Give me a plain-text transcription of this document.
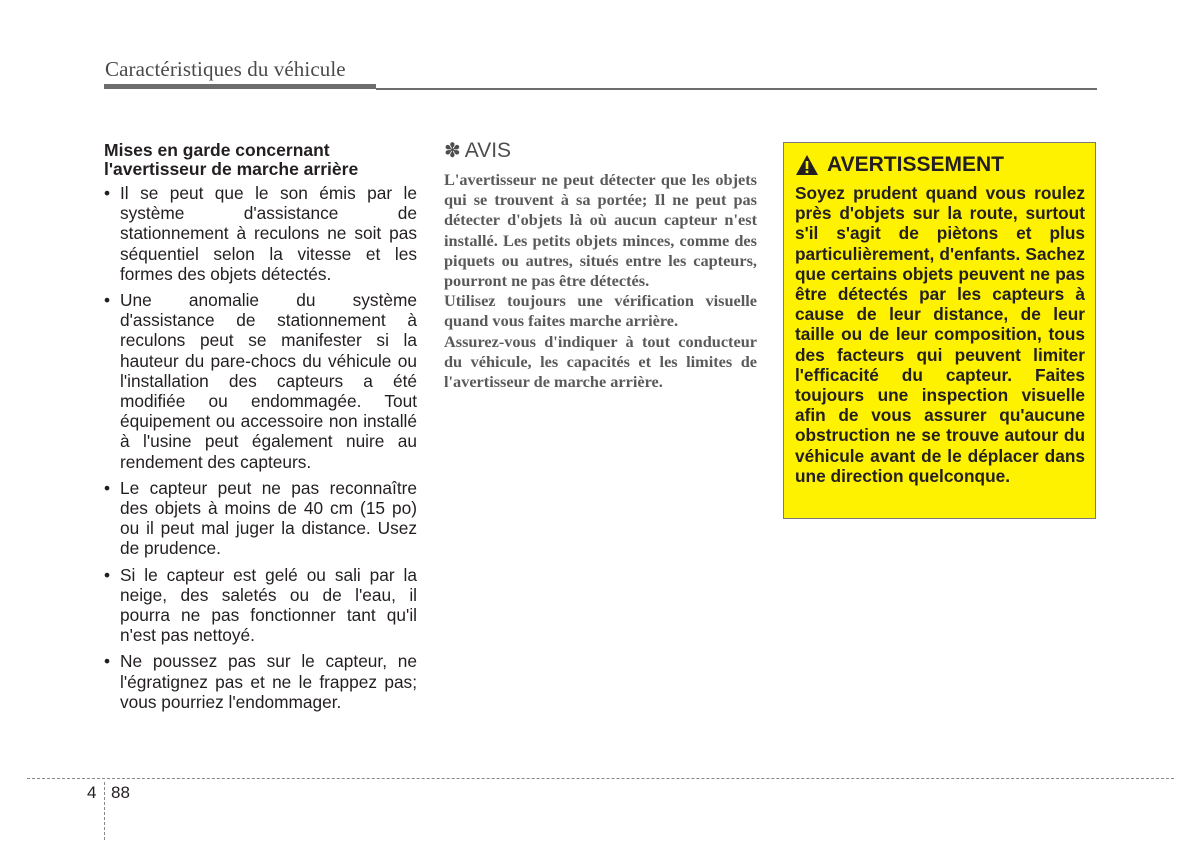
Caractéristiques du véhicule
Mises en garde concernant l'avertisseur de marche arrière
• Il se peut que le son émis par le système d'assistance de stationnement à reculons ne soit pas séquentiel selon la vitesse et les formes des objets détectés.
• Une anomalie du système d'assistance de stationnement à reculons peut se manifester si la hauteur du pare-chocs du véhicule ou l'installation des capteurs a été modifiée ou endommagée. Tout équipement ou accessoire non installé à l'usine peut également nuire au rendement des capteurs.
• Le capteur peut ne pas reconnaître des objets à moins de 40 cm (15 po) ou il peut mal juger la distance. Usez de prudence.
• Si le capteur est gelé ou sali par la neige, des saletés ou de l'eau, il pourra ne pas fonctionner tant qu'il n'est pas nettoyé.
• Ne poussez pas sur le capteur, ne l'égratignez pas et ne le frappez pas; vous pourriez l'endommager.
✽ AVIS

L'avertisseur ne peut détecter que les objets qui se trouvent à sa portée; Il ne peut pas détecter d'objets là où aucun capteur n'est installé. Les petits objets minces, comme des piquets ou autres, situés entre les capteurs, pourront ne pas être détectés.

Utilisez toujours une vérification visuelle quand vous faites marche arrière.

Assurez-vous d'indiquer à tout conducteur du véhicule, les capacités et les limites de l'avertisseur de marche arrière.

AVERTISSEMENT
Soyez prudent quand vous roulez près d'objets sur la route, surtout s'il s'agit de piètons et plus particulièrement, d'enfants. Sachez que certains objets peuvent ne pas être détectés par les capteurs à cause de leur distance, de leur taille ou de leur composition, tous des facteurs qui peuvent limiter l'efficacité du capteur. Faites toujours une inspection visuelle afin de vous assurer qu'aucune obstruction ne se trouve autour du véhicule avant de le déplacer dans une direction quelconque.
4 88
